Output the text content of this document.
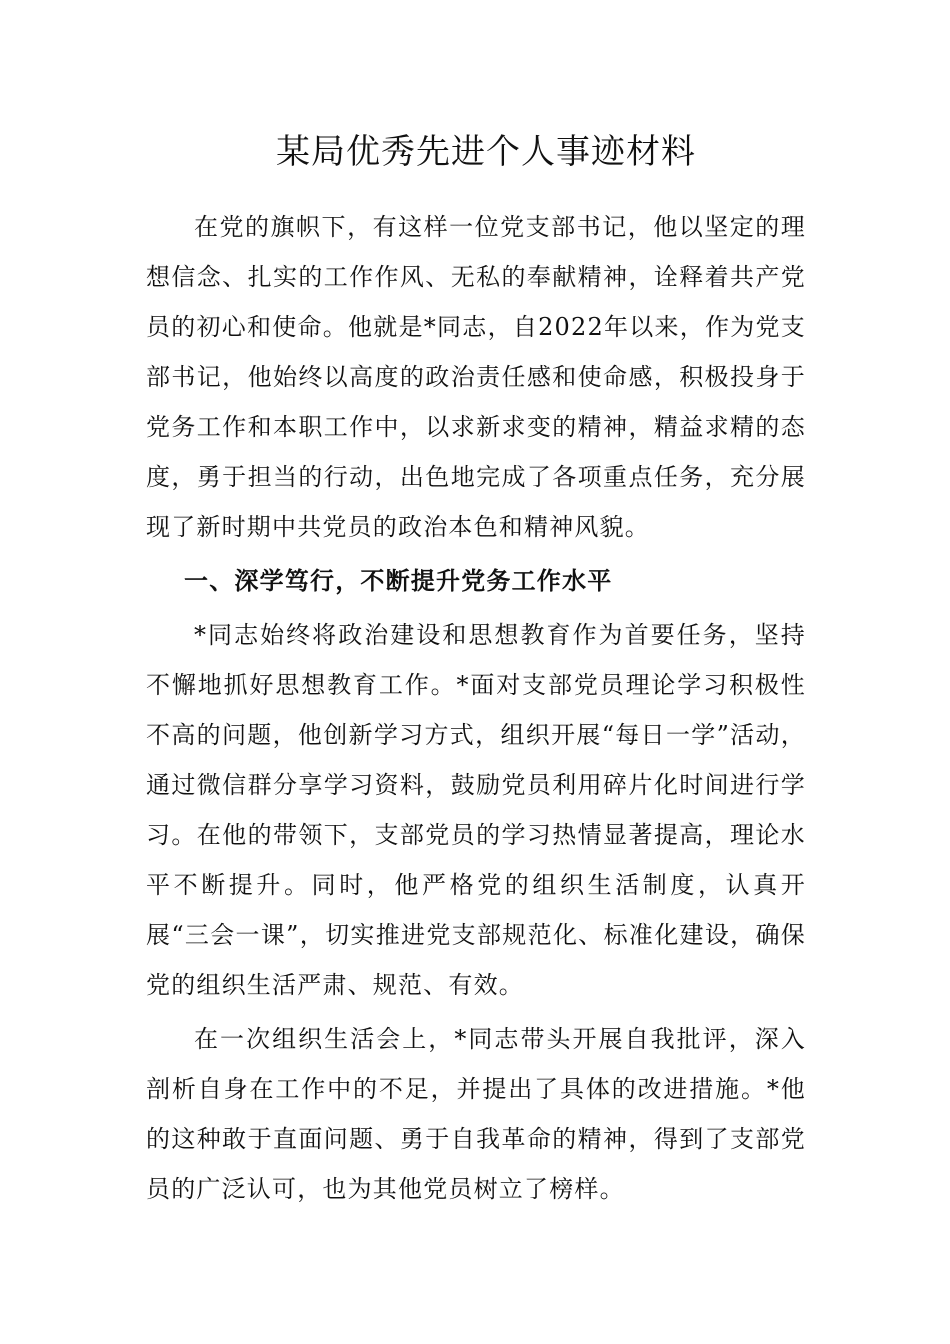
某局优秀先进个人事迹材料

在党的旗帜下，有这样一位党支部书记，他以坚定的理想信念、扎实的工作作风、无私的奉献精神，诠释着共产党员的初心和使命。他就是*同志，自2022年以来，作为党支部书记，他始终以高度的政治责任感和使命感，积极投身于党务工作和本职工作中，以求新求变的精神，精益求精的态度，勇于担当的行动，出色地完成了各项重点任务，充分展现了新时期中共党员的政治本色和精神风貌。

一、深学笃行，不断提升党务工作水平

*同志始终将政治建设和思想教育作为首要任务，坚持不懈地抓好思想教育工作。*面对支部党员理论学习积极性不高的问题，他创新学习方式，组织开展“每日一学”活动，通过微信群分享学习资料，鼓励党员利用碎片化时间进行学习。在他的带领下，支部党员的学习热情显著提高，理论水平不断提升。同时，他严格党的组织生活制度，认真开展“三会一课”，切实推进党支部规范化、标准化建设，确保党的组织生活严肃、规范、有效。

在一次组织生活会上，*同志带头开展自我批评，深入剖析自身在工作中的不足，并提出了具体的改进措施。*他的这种敢于直面问题、勇于自我革命的精神，得到了支部党员的广泛认可，也为其他党员树立了榜样。
